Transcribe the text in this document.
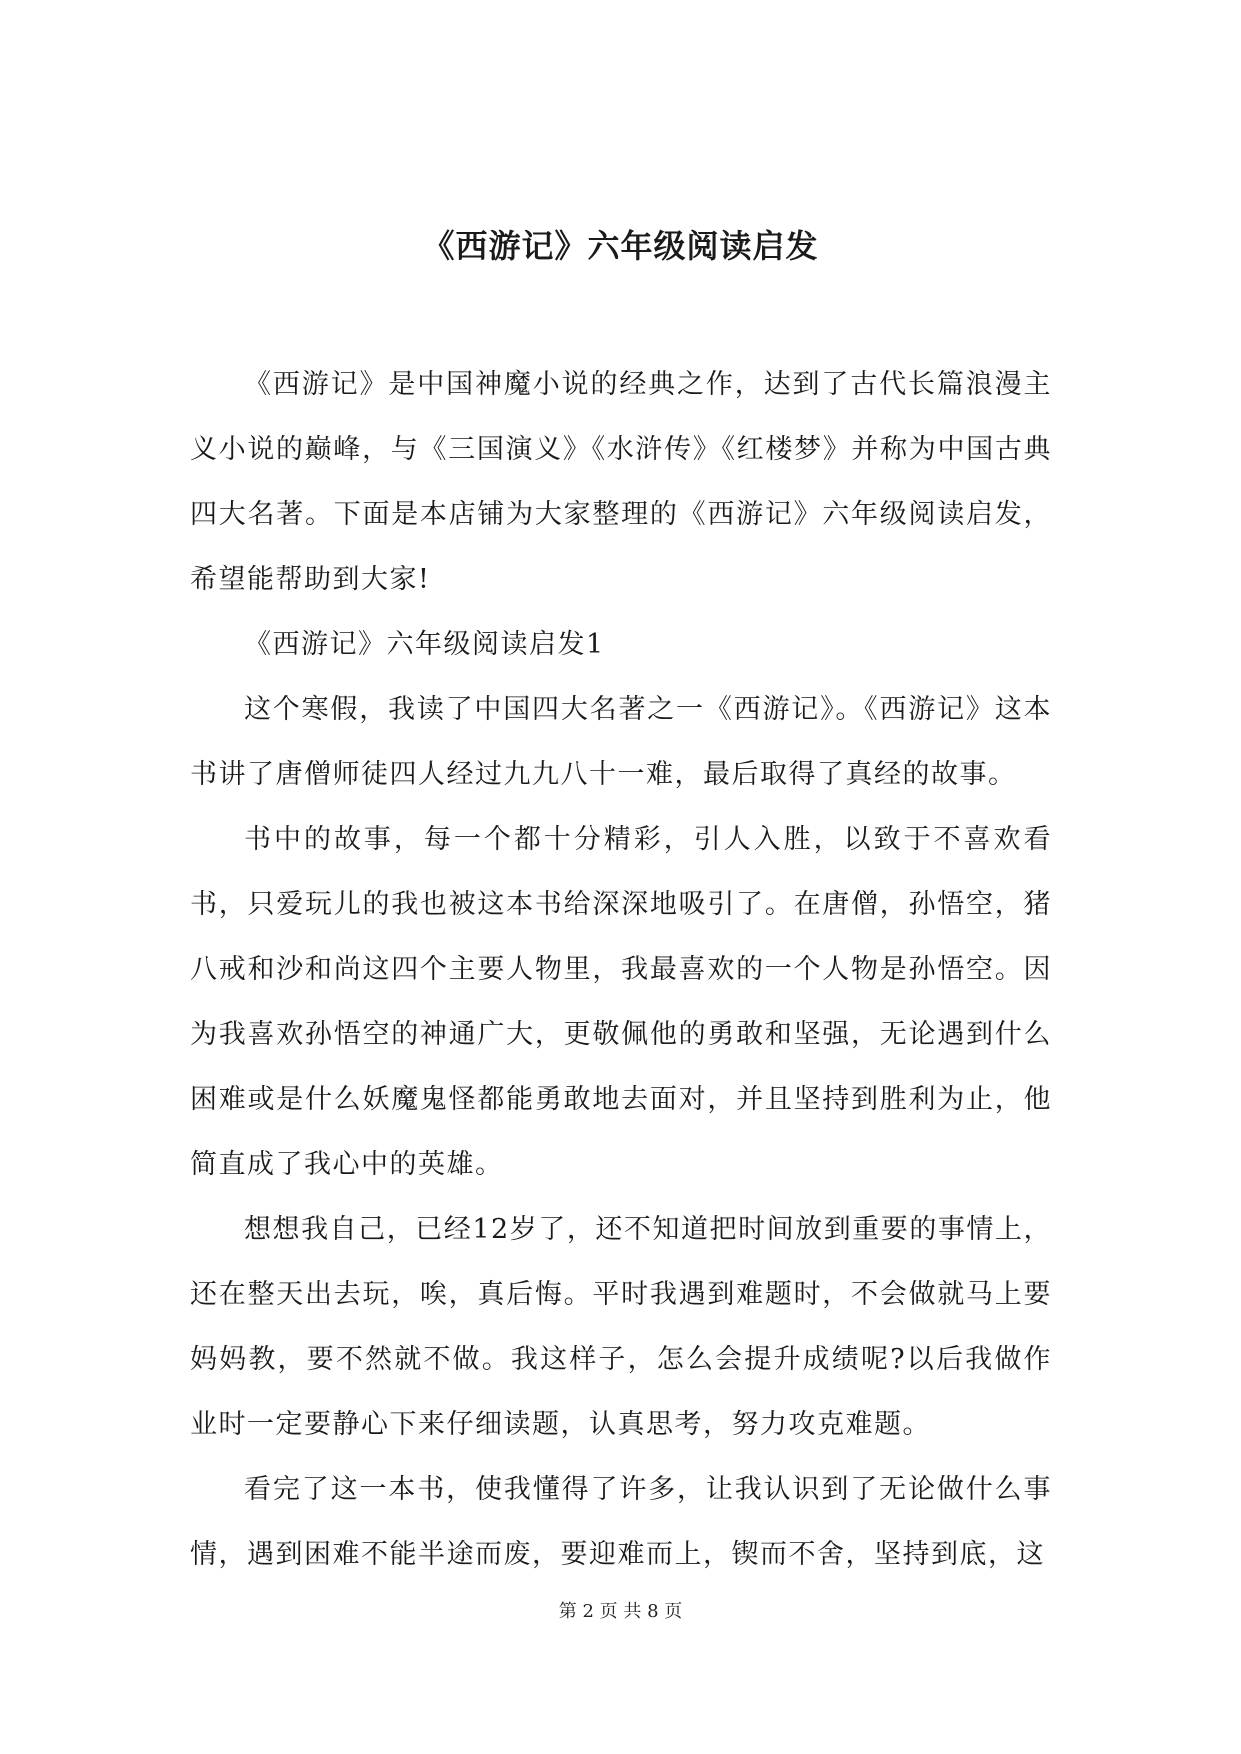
《西游记》六年级阅读启发

《西游记》是中国神魔小说的经典之作，达到了古代长篇浪漫主义小说的巅峰，与《三国演义》《水浒传》《红楼梦》并称为中国古典四大名著。下面是本店铺为大家整理的《西游记》六年级阅读启发，希望能帮助到大家!

《西游记》六年级阅读启发1

这个寒假，我读了中国四大名著之一《西游记》。《西游记》这本书讲了唐僧师徒四人经过九九八十一难，最后取得了真经的故事。

书中的故事，每一个都十分精彩，引人入胜，以致于不喜欢看书，只爱玩儿的我也被这本书给深深地吸引了。在唐僧，孙悟空，猪八戒和沙和尚这四个主要人物里，我最喜欢的一个人物是孙悟空。因为我喜欢孙悟空的神通广大，更敬佩他的勇敢和坚强，无论遇到什么困难或是什么妖魔鬼怪都能勇敢地去面对，并且坚持到胜利为止，他简直成了我心中的英雄。

想想我自己，已经12岁了，还不知道把时间放到重要的事情上，还在整天出去玩，唉，真后悔。平时我遇到难题时，不会做就马上要妈妈教，要不然就不做。我这样子，怎么会提升成绩呢?以后我做作业时一定要静心下来仔细读题，认真思考，努力攻克难题。

看完了这一本书，使我懂得了许多，让我认识到了无论做什么事情，遇到困难不能半途而废，要迎难而上，锲而不舍，坚持到底，这

第 2 页 共 8 页
